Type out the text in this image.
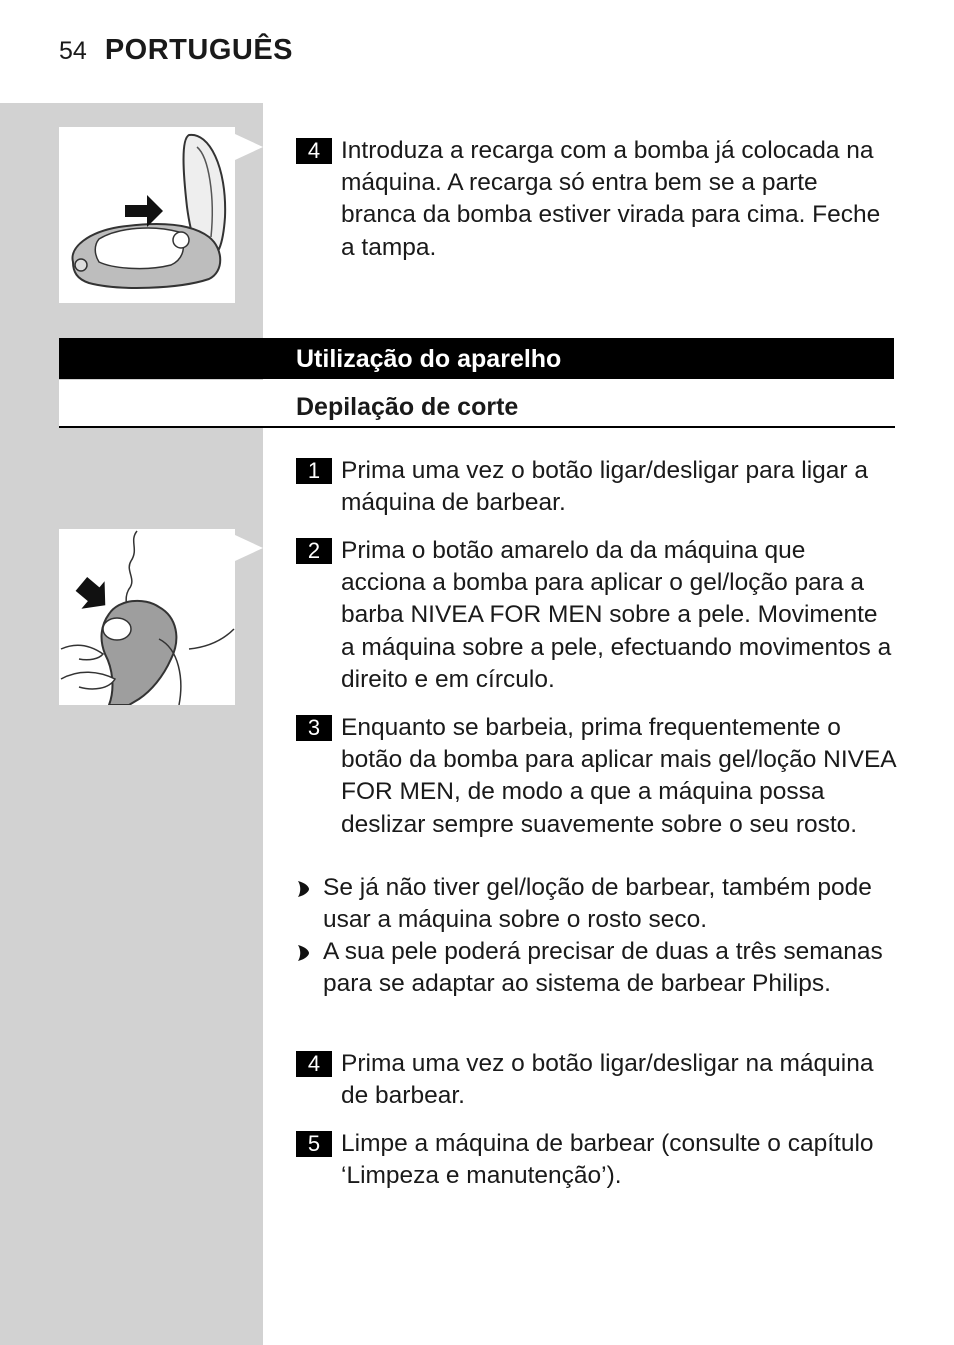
54 PORTUGUÊS
4 Introduza a recarga com a bomba já colocada na máquina. A recarga só entra bem se a parte branca da bomba estiver virada para cima. Feche a tampa.
Utilização do aparelho
Depilação de corte
1 Prima uma vez o botão ligar/desligar para ligar a máquina de barbear.
2 Prima o botão amarelo da da máquina que acciona a bomba para aplicar o gel/loção para a barba NIVEA FOR MEN sobre a pele. Movimente a máquina sobre a pele, efectuando movimentos a direito e em círculo.
3 Enquanto se barbeia, prima frequentemente o botão da bomba para aplicar mais gel/loção NIVEA FOR MEN, de modo a que a máquina possa deslizar sempre suavemente sobre o seu rosto.
Se já não tiver gel/loção de barbear, também pode usar a máquina sobre o rosto seco.
A sua pele poderá precisar de duas a três semanas para se adaptar ao sistema de barbear Philips.
4 Prima uma vez o botão ligar/desligar na máquina de barbear.
5 Limpe a máquina de barbear (consulte o capítulo ‘Limpeza e manutenção’).
